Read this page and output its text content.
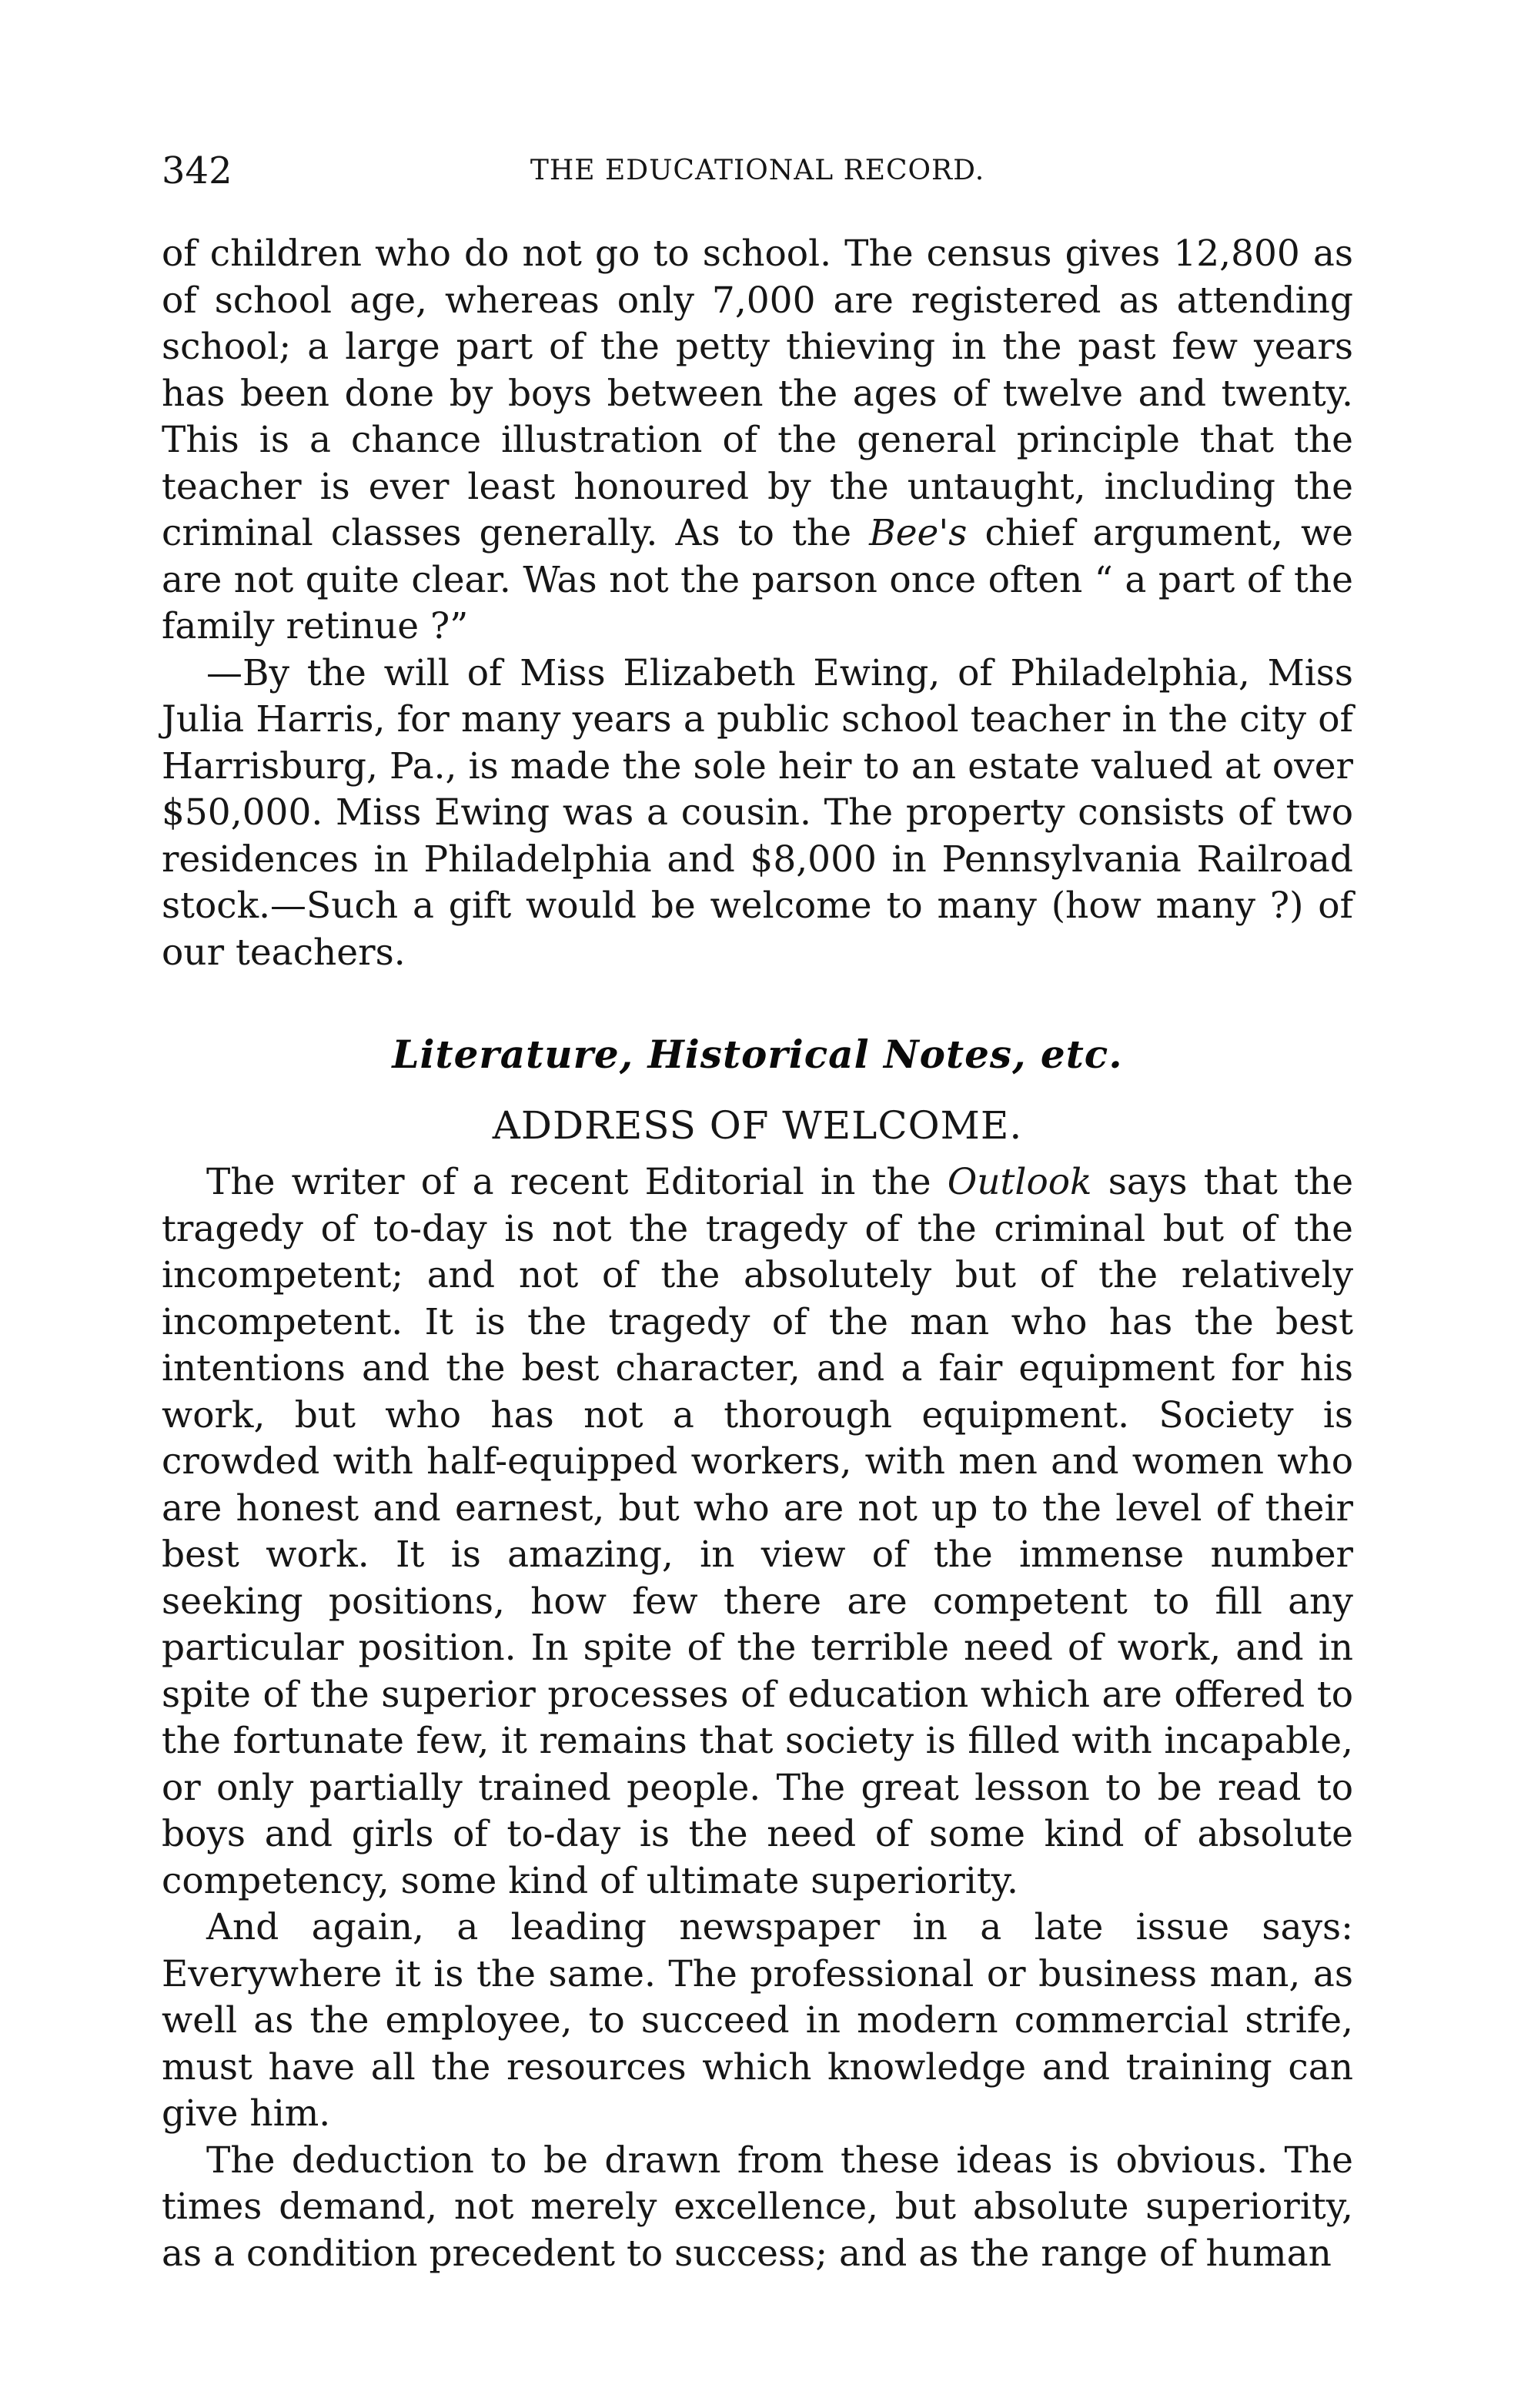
342	THE EDUCATIONAL RECORD.

of children who do not go to school. The census gives 12,800 as of school age, whereas only 7,000 are registered as attending school; a large part of the petty thieving in the past few years has been done by boys between the ages of twelve and twenty. This is a chance illustration of the general principle that the teacher is ever least honoured by the untaught, including the criminal classes generally. As to the Bee's chief argument, we are not quite clear. Was not the parson once often “ a part of the family retinue ?”

—By the will of Miss Elizabeth Ewing, of Philadelphia, Miss Julia Harris, for many years a public school teacher in the city of Harrisburg, Pa., is made the sole heir to an estate valued at over $50,000. Miss Ewing was a cousin. The property consists of two residences in Philadelphia and $8,000 in Pennsylvania Railroad stock.—Such a gift would be welcome to many (how many ?) of our teachers.

Literature, Historical Notes, etc.
ADDRESS OF WELCOME.

The writer of a recent Editorial in the Outlook says that the tragedy of to-day is not the tragedy of the criminal but of the incompetent; and not of the absolutely but of the relatively incompetent. It is the tragedy of the man who has the best intentions and the best character, and a fair equipment for his work, but who has not a thorough equipment. Society is crowded with half-equipped workers, with men and women who are honest and earnest, but who are not up to the level of their best work. It is amazing, in view of the immense number seeking positions, how few there are competent to fill any particular position. In spite of the terrible need of work, and in spite of the superior processes of education which are offered to the fortunate few, it remains that society is filled with incapable, or only partially trained people. The great lesson to be read to boys and girls of to-day is the need of some kind of absolute competency, some kind of ultimate superiority.

And again, a leading newspaper in a late issue says: Everywhere it is the same. The professional or business man, as well as the employee, to succeed in modern commercial strife, must have all the resources which knowledge and training can give him.

The deduction to be drawn from these ideas is obvious. The times demand, not merely excellence, but absolute superiority, as a condition precedent to success; and as the range of human
